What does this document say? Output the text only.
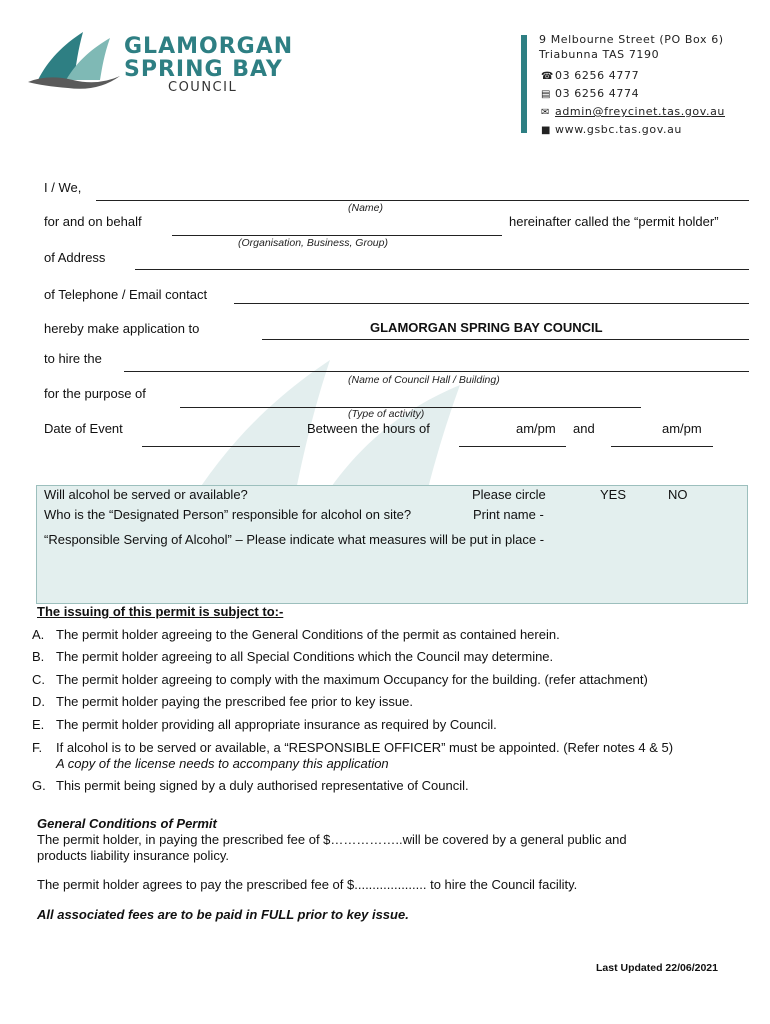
GLAMORGAN
SPRING BAY
COUNCIL
9 Melbourne Street (PO Box 6)
Triabunna TAS 7190
☎03 6256 4777
▤ 03 6256 4774
✉ admin@freycinet.tas.gov.au
■ www.gsbc.tas.gov.au
I / We,
(Name)
for and on behalf	hereinafter called the “permit holder”
(Organisation, Business, Group)
of Address
of Telephone / Email contact
hereby make application to	GLAMORGAN SPRING BAY COUNCIL
to hire the
(Name of Council Hall / Building)
for the purpose of
(Type of activity)
Date of Event	Between the hours of	am/pm and	am/pm
Will alcohol be served or available?	Please circle	YES	NO
Who is the “Designated Person” responsible for alcohol on site?	Print name -
“Responsible Serving of Alcohol” – Please indicate what measures will be put in place -
The issuing of this permit is subject to:-
A. The permit holder agreeing to the General Conditions of the permit as contained herein.
B. The permit holder agreeing to all Special Conditions which the Council may determine.
C. The permit holder agreeing to comply with the maximum Occupancy for the building. (refer attachment)
D. The permit holder paying the prescribed fee prior to key issue.
E. The permit holder providing all appropriate insurance as required by Council.
F. If alcohol is to be served or available, a “RESPONSIBLE OFFICER” must be appointed. (Refer notes 4 & 5)
A copy of the license needs to accompany this application
G. This permit being signed by a duly authorised representative of Council.
General Conditions of Permit
The permit holder, in paying the prescribed fee of $……………..will be covered by a general public and
products liability insurance policy.
The permit holder agrees to pay the prescribed fee of $.................... to hire the Council facility.
All associated fees are to be paid in FULL prior to key issue.
Last Updated 22/06/2021
